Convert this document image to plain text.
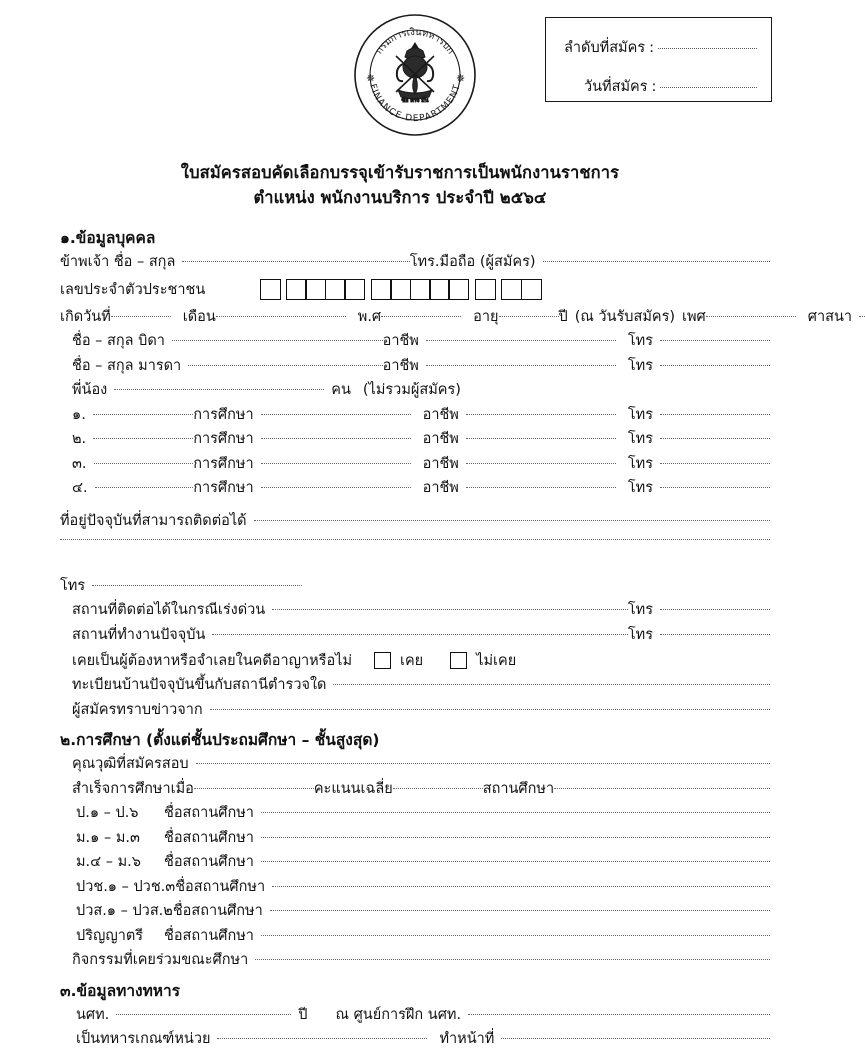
กรมการเงินทหารบก
FINANCE DEPARTMENT
✵	✵
ซื่อ ตรง มั่น
ลำดับที่สมัคร :
วันที่สมัคร :
ใบสมัครสอบคัดเลือกบรรจุเข้ารับราชการเป็นพนักงานราชการ
ตำแหน่ง พนักงานบริการ ประจำปี ๒๕๖๔
๑.ข้อมูลบุคคล
ข้าพเจ้า ชื่อ – สกุล	โทร.มือถือ (ผู้สมัคร)
เลขประจำตัวประชาชน
เกิดวันที่	เดือน	พ.ศ	อายุ	ปี (ณ วันรับสมัคร) เพศ	ศาสนา
ชื่อ – สกุล บิดา	อาชีพ	โทร
ชื่อ – สกุล มารดา	อาชีพ	โทร
พี่น้อง	คน (ไม่รวมผู้สมัคร)
๑.	การศึกษา	อาชีพ	โทร
๒.	การศึกษา	อาชีพ	โทร
๓.	การศึกษา	อาชีพ	โทร
๔.	การศึกษา	อาชีพ	โทร
ที่อยู่ปัจจุบันที่สามารถติดต่อได้
โทร
สถานที่ติดต่อได้ในกรณีเร่งด่วน	โทร
สถานที่ทำงานปัจจุบัน	โทร
เคยเป็นผู้ต้องหาหรือจำเลยในคดีอาญาหรือไม่	เคย	ไม่เคย
ทะเบียนบ้านปัจจุบันขึ้นกับสถานีตำรวจใด
ผู้สมัครทราบข่าวจาก
๒.การศึกษา (ตั้งแต่ชั้นประถมศึกษา – ชั้นสูงสุด)
คุณวุฒิที่สมัครสอบ
สำเร็จการศึกษาเมื่อ	คะแนนเฉลี่ย	สถานศึกษา
ป.๑ – ป.๖	ชื่อสถานศึกษา
ม.๑ – ม.๓	ชื่อสถานศึกษา
ม.๔ – ม.๖	ชื่อสถานศึกษา
ปวช.๑ – ปวช.๓ ชื่อสถานศึกษา
ปวส.๑ – ปวส.๒ ชื่อสถานศึกษา
ปริญญาตรี	ชื่อสถานศึกษา
กิจกรรมที่เคยร่วมขณะศึกษา
๓.ข้อมูลทางทหาร
นศท.	ปี ณ ศูนย์การฝึก นศท.
เป็นทหารเกณฑ์หน่วย	ทำหน้าที่
